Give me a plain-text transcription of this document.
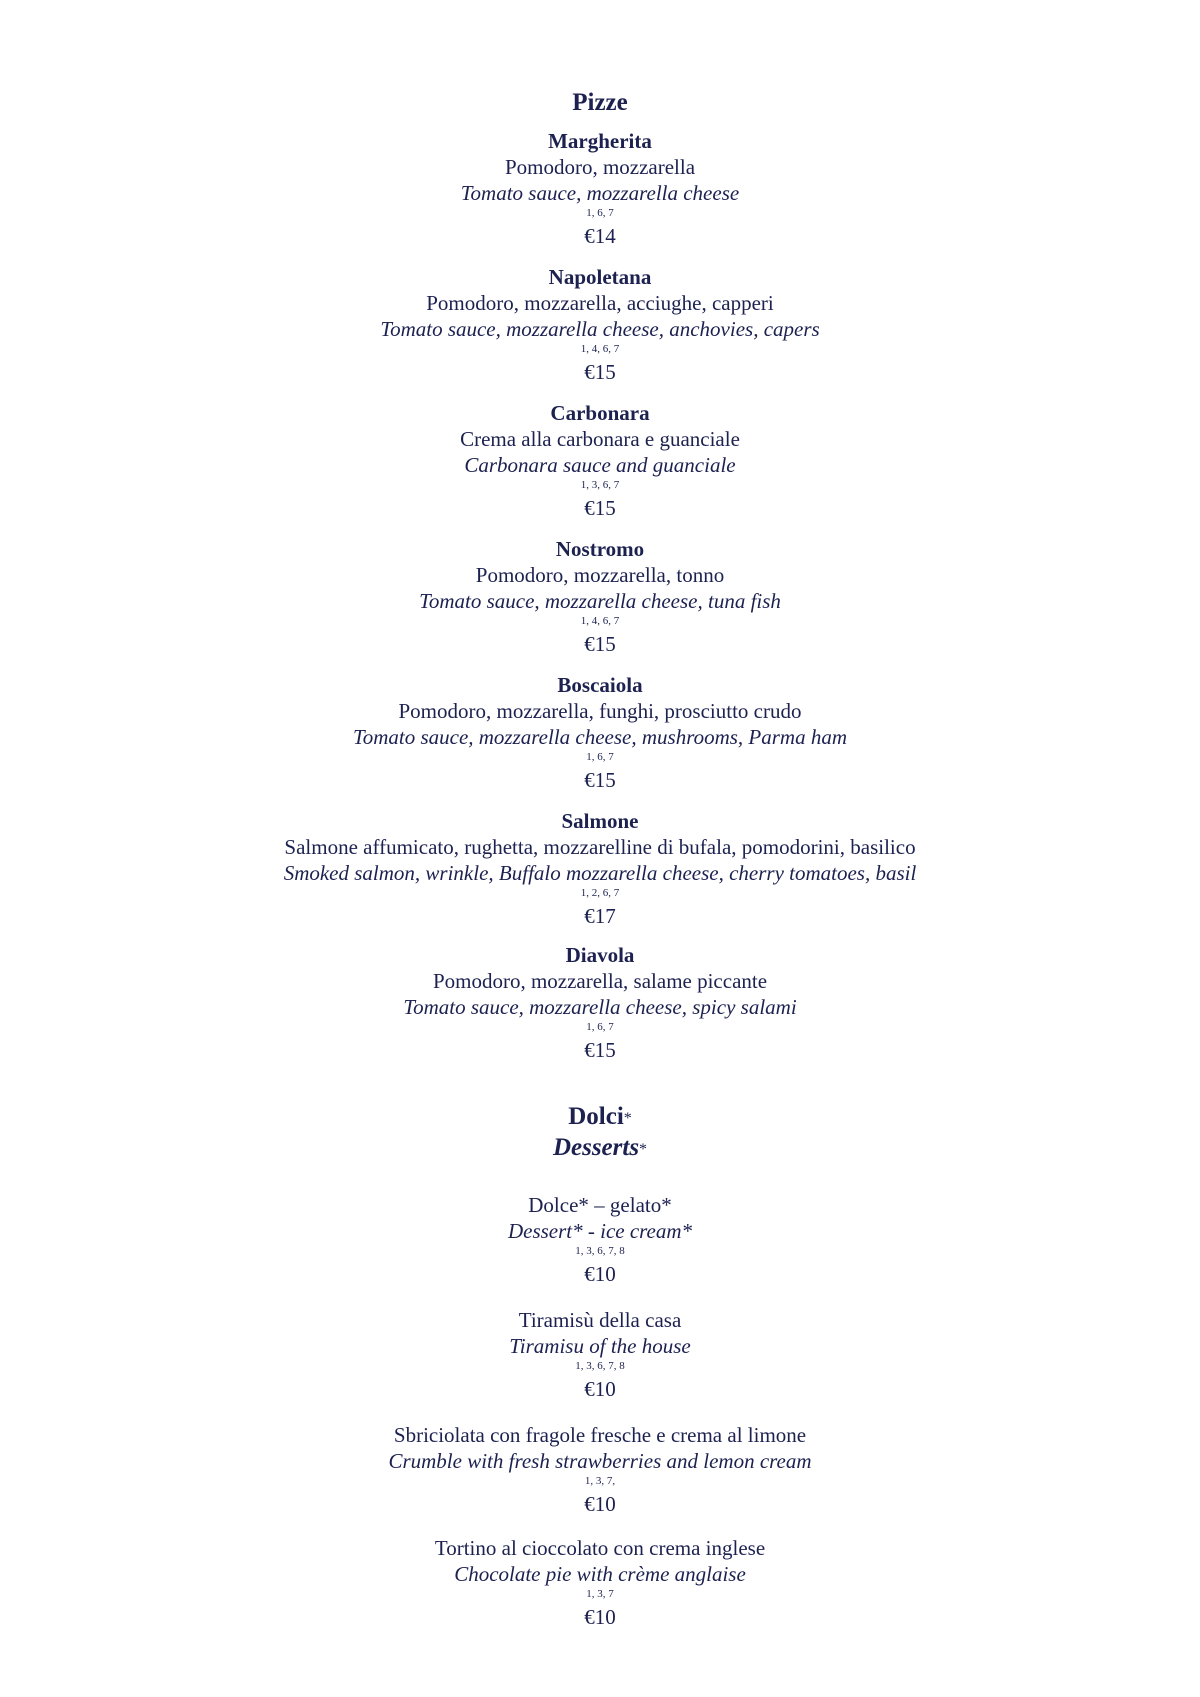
Pizze
Margherita
Pomodoro, mozzarella
Tomato sauce, mozzarella cheese
1, 6, 7
€14
Napoletana
Pomodoro, mozzarella, acciughe, capperi
Tomato sauce, mozzarella cheese, anchovies, capers
1, 4, 6, 7
€15
Carbonara
Crema alla carbonara e guanciale
Carbonara sauce and guanciale
1, 3, 6, 7
€15
Nostromo
Pomodoro, mozzarella, tonno
Tomato sauce, mozzarella cheese, tuna fish
1, 4, 6, 7
€15
Boscaiola
Pomodoro, mozzarella, funghi, prosciutto crudo
Tomato sauce, mozzarella cheese, mushrooms, Parma ham
1, 6, 7
€15
Salmone
Salmone affumicato, rughetta, mozzarelline di bufala, pomodorini, basilico
Smoked salmon, wrinkle, Buffalo mozzarella cheese, cherry tomatoes, basil
1, 2, 6, 7
€17
Diavola
Pomodoro, mozzarella, salame piccante
Tomato sauce, mozzarella cheese, spicy salami
1, 6, 7
€15
Dolci*
Desserts*
Dolce* – gelato*
Dessert* - ice cream*
1, 3, 6, 7, 8
€10
Tiramisù della casa
Tiramisu of the house
1, 3, 6, 7, 8
€10
Sbriciolata con fragole fresche e crema al limone
Crumble with fresh strawberries and lemon cream
1, 3, 7,
€10
Tortino al cioccolato con crema inglese
Chocolate pie with crème anglaise
1, 3, 7
€10
